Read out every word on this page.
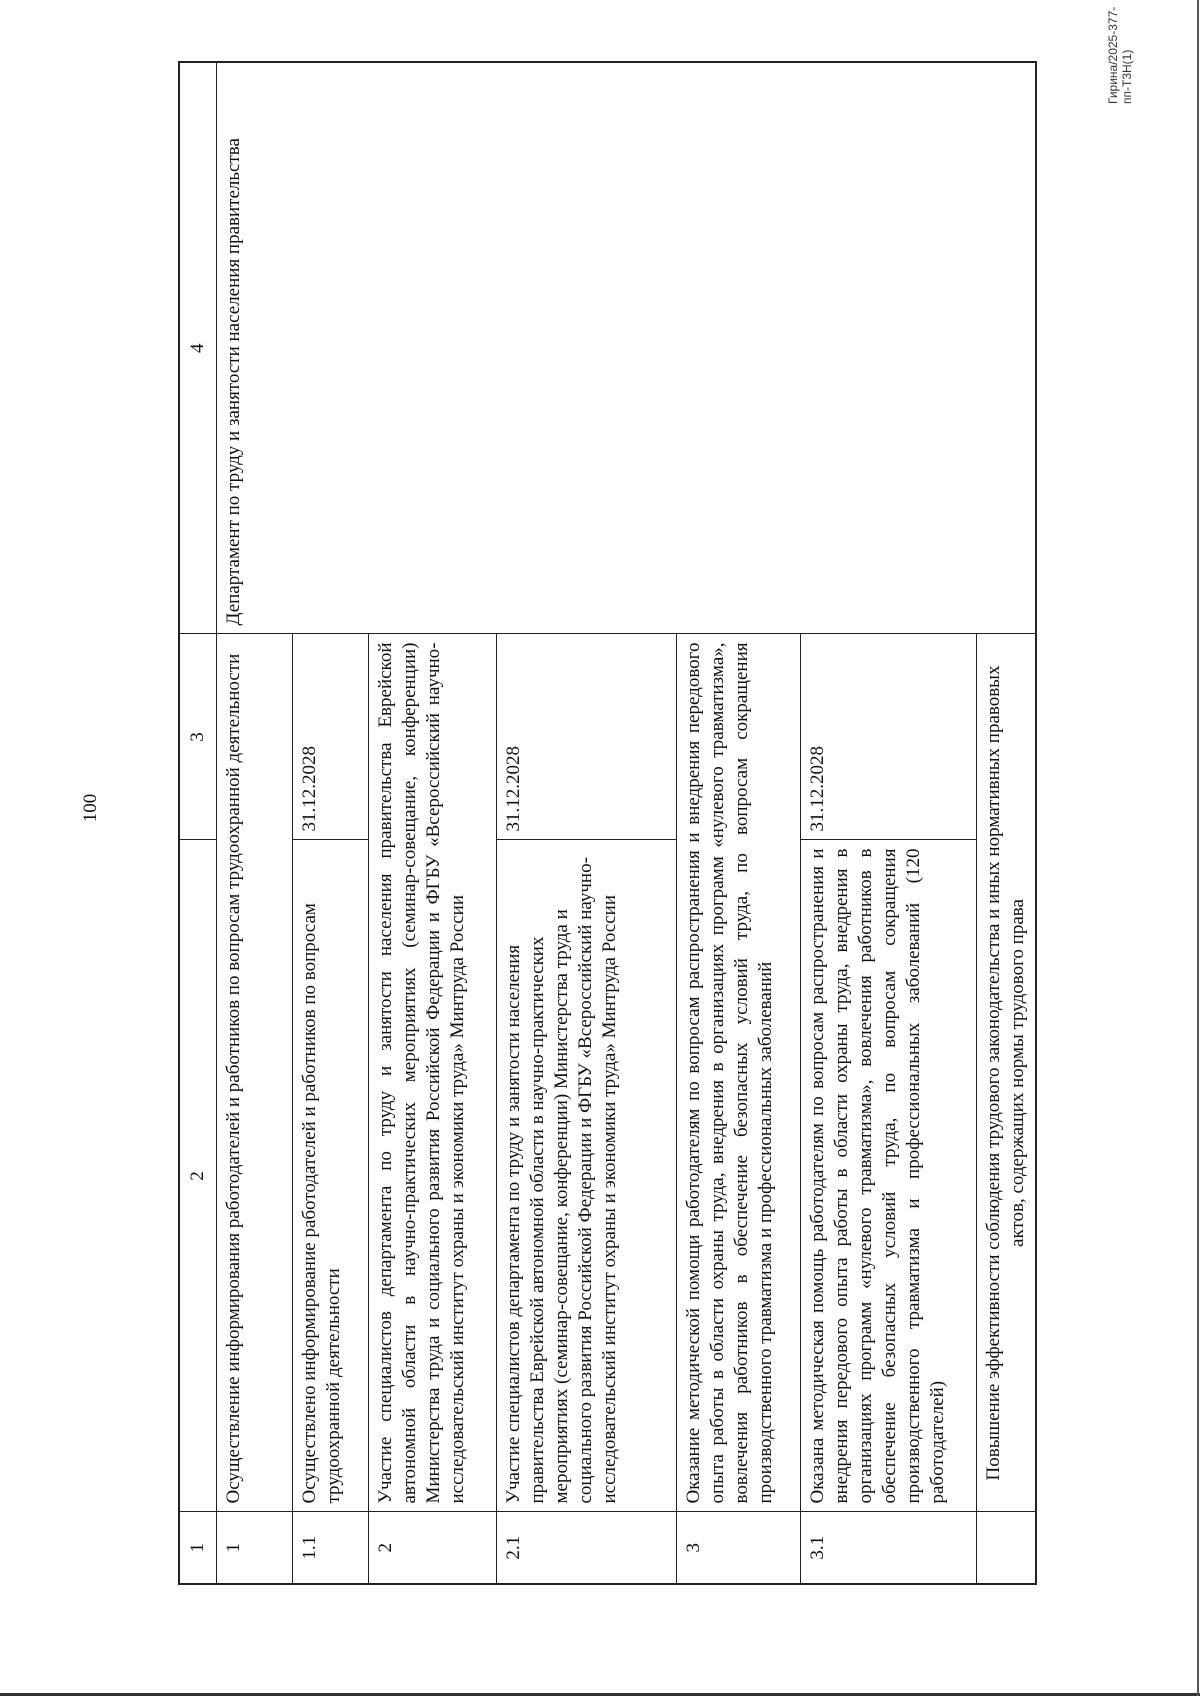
100
1	2	3	4
1	Осуществление информирования работодателей и работников по вопросам трудоохранной деятельности		Департамент по труду и занятости населения правительства
1.1	Осуществлено информирование работодателей и работников по вопросам трудоохранной деятельности	31.12.2028	
2	Участие специалистов департамента по труду и занятости населения правительства Еврейской автономной области в научно-практических мероприятиях (семинар-совещание, конференции) Министерства труда и социального развития Российской Федерации и ФГБУ «Всероссийский научно-исследовательский институт охраны и экономики труда» Минтруда России		
2.1	Участие специалистов департамента по труду и занятости населения правительства Еврейской автономной области в научно-практических мероприятиях (семинар-совещание, конференции) Министерства труда и социального развития Российской Федерации и ФГБУ «Всероссийский научно-исследовательский институт охраны и экономики труда» Минтруда России	31.12.2028	
3	Оказание методической помощи работодателям по вопросам распространения и внедрения передового опыта работы в области охраны труда, внедрения в организациях программ «нулевого травматизма», вовлечения работников в обеспечение безопасных условий труда, по вопросам сокращения производственного травматизма и профессиональных заболеваний		
3.1	Оказана методическая помощь работодателям по вопросам распространения и внедрения передового опыта работы в области охраны труда, внедрения в организациях программ «нулевого травматизма», вовлечения работников в обеспечение безопасных условий труда, по вопросам сокращения производственного травматизма и профессиональных заболеваний (120 работодателей)	31.12.2028	
	Повышение эффективности соблюдения трудового законодательства и иных нормативных правовых актов, содержащих нормы трудового права		
Гирина/2025-377-пп-Т3Н(1)
